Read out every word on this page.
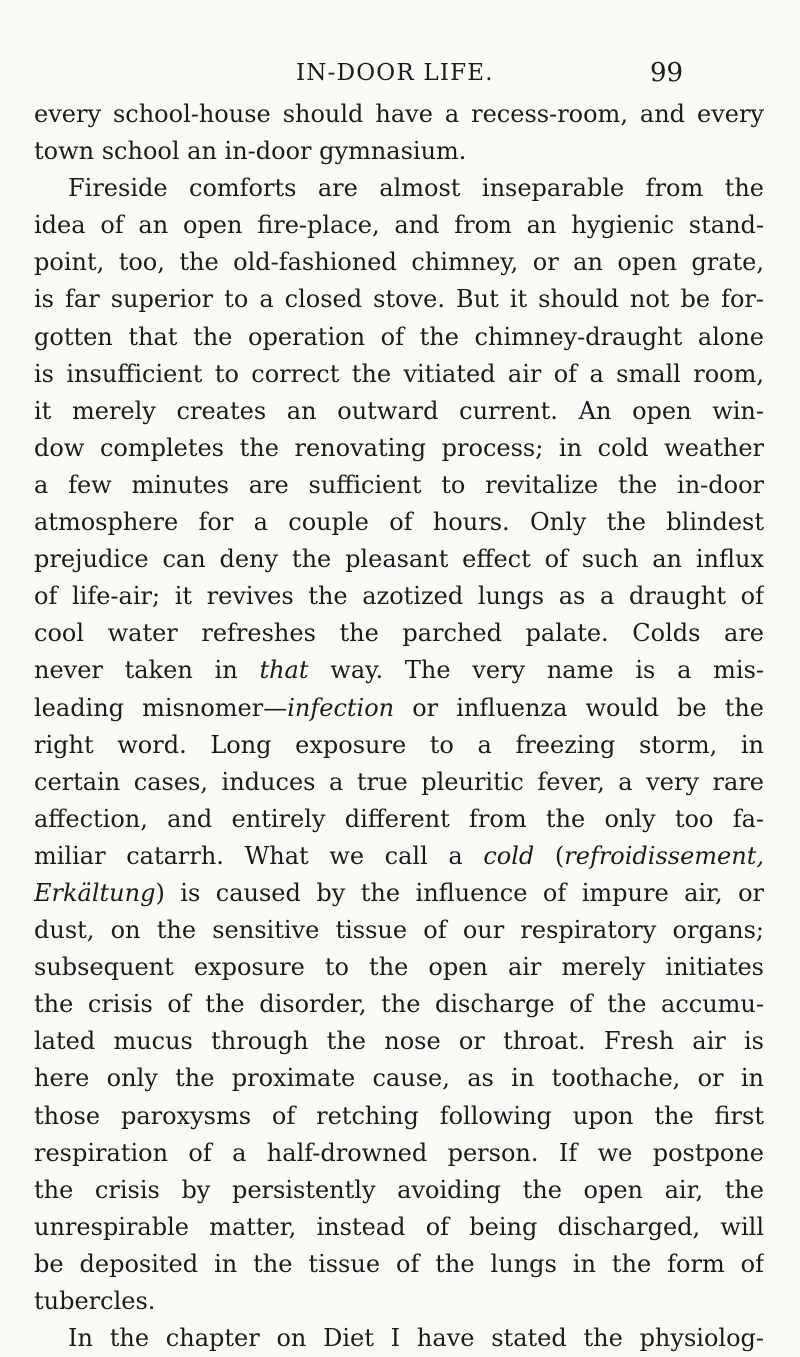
IN-DOOR LIFE.	99
every school-house should have a recess-room, and every
town school an in-door gymnasium.
Fireside comforts are almost inseparable from the
idea of an open fire-place, and from an hygienic stand-
point, too, the old-fashioned chimney, or an open grate,
is far superior to a closed stove. But it should not be for-
gotten that the operation of the chimney-draught alone
is insufficient to correct the vitiated air of a small room,
it merely creates an outward current. An open win-
dow completes the renovating process; in cold weather
a few minutes are sufficient to revitalize the in-door
atmosphere for a couple of hours. Only the blindest
prejudice can deny the pleasant effect of such an influx
of life-air; it revives the azotized lungs as a draught of
cool water refreshes the parched palate. Colds are
never taken in that way. The very name is a mis-
leading misnomer—infection or influenza would be the
right word. Long exposure to a freezing storm, in
certain cases, induces a true pleuritic fever, a very rare
affection, and entirely different from the only too fa-
miliar catarrh. What we call a cold (refroidissement,
Erkältung) is caused by the influence of impure air, or
dust, on the sensitive tissue of our respiratory organs;
subsequent exposure to the open air merely initiates
the crisis of the disorder, the discharge of the accumu-
lated mucus through the nose or throat. Fresh air is
here only the proximate cause, as in toothache, or in
those paroxysms of retching following upon the first
respiration of a half-drowned person. If we postpone
the crisis by persistently avoiding the open air, the
unrespirable matter, instead of being discharged, will
be deposited in the tissue of the lungs in the form of
tubercles.
In the chapter on Diet I have stated the physiolog-
